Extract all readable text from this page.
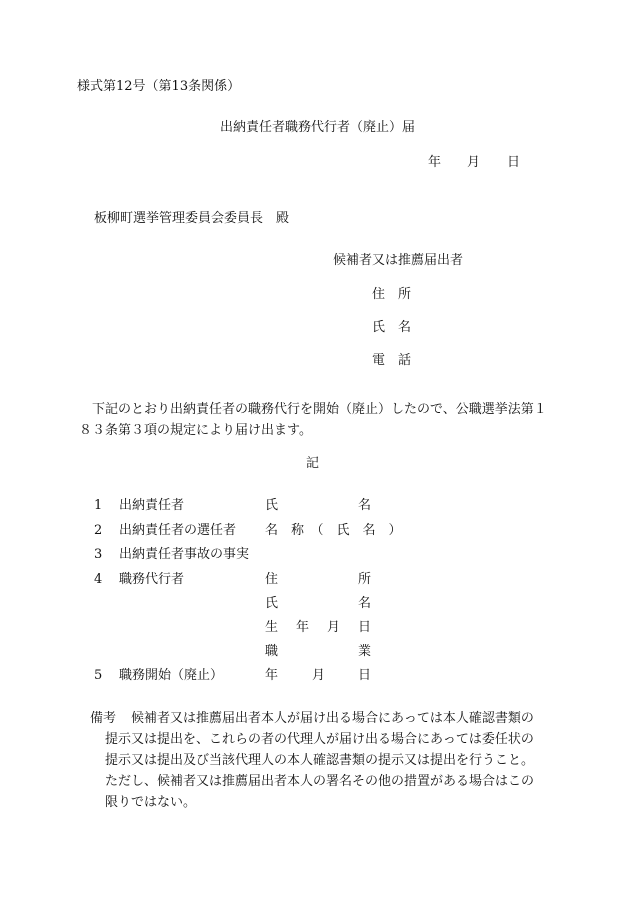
様式第12号（第13条関係）
出納責任者職務代行者（廃止）届
年 月 日
板柳町選挙管理委員会委員長　殿
候補者又は推薦届出者
住　所
氏　名
電　話
下記のとおり出納責任者の職務代行を開始（廃止）したので、公職選挙法第１
８３条第３項の規定により届け出ます。
記
1 出納責任者	氏	名
2 出納責任者の選任者 名　称　（　氏　名　）
3 出納責任者事故の事実
4 職務代行者	住	所
氏	名
生 年 月 日
職	業
5 職務開始（廃止）	年	月	日
備考 候補者又は推薦届出者本人が届け出る場合にあっては本人確認書類の
提示又は提出を、これらの者の代理人が届け出る場合にあっては委任状の
提示又は提出及び当該代理人の本人確認書類の提示又は提出を行うこと。
ただし、候補者又は推薦届出者本人の署名その他の措置がある場合はこの
限りではない。
